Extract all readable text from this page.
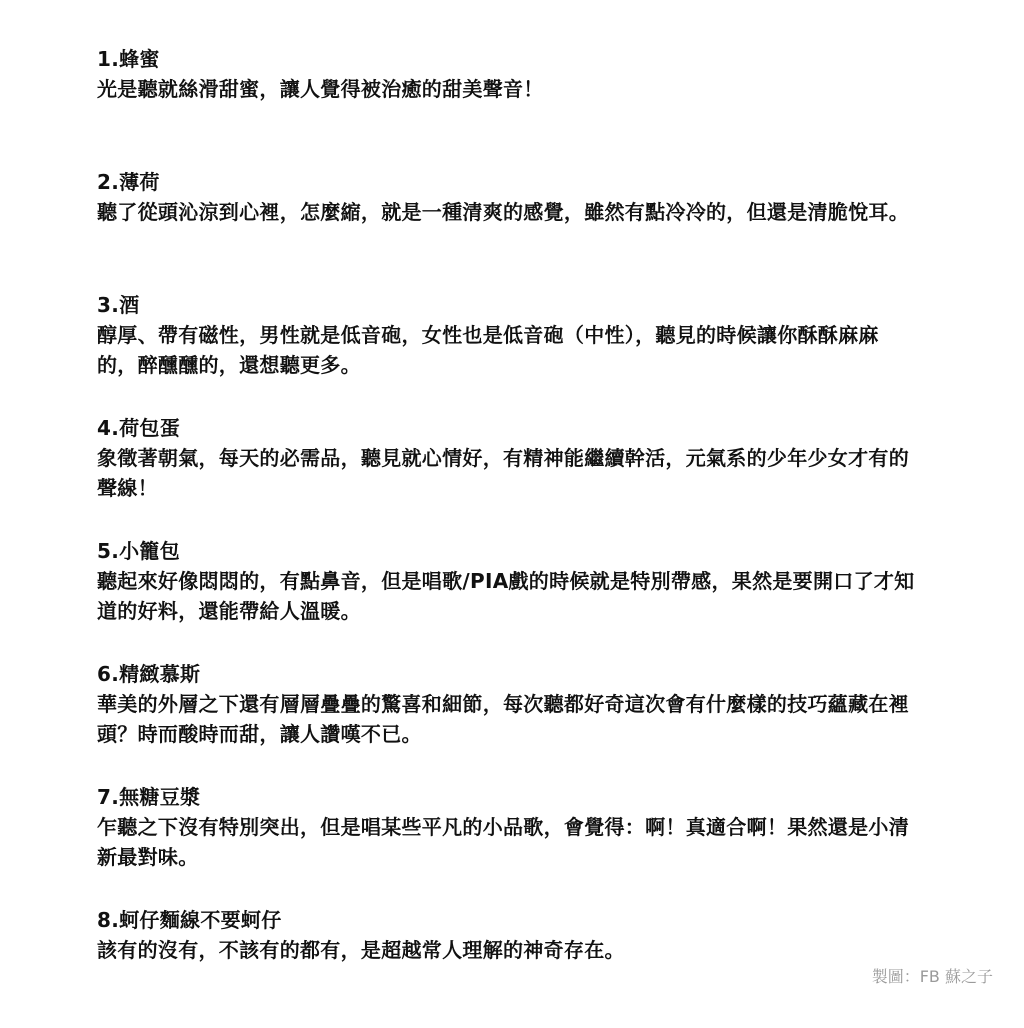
1.蜂蜜

光是聽就絲滑甜蜜，讓人覺得被治癒的甜美聲音！

2.薄荷

聽了從頭沁涼到心裡，怎麼縮，就是一種清爽的感覺，雖然有點冷冷的，但還是清脆悅耳。

3.酒

醇厚、帶有磁性，男性就是低音砲，女性也是低音砲（中性），聽見的時候讓你酥酥麻麻的，醉醺醺的，還想聽更多。

4.荷包蛋

象徵著朝氣，每天的必需品，聽見就心情好，有精神能繼續幹活，元氣系的少年少女才有的聲線！

5.小籠包

聽起來好像悶悶的，有點鼻音，但是唱歌/PIA戲的時候就是特別帶感，果然是要開口了才知道的好料，還能帶給人溫暖。

6.精緻慕斯

華美的外層之下還有層層疊疊的驚喜和細節，每次聽都好奇這次會有什麼樣的技巧蘊藏在裡頭？時而酸時而甜，讓人讚嘆不已。

7.無糖豆漿

乍聽之下沒有特別突出，但是唱某些平凡的小品歌，會覺得：啊！真適合啊！果然還是小清新最對味。

8.蚵仔麵線不要蚵仔

該有的沒有，不該有的都有，是超越常人理解的神奇存在。

製圖：FB 蘇之子
